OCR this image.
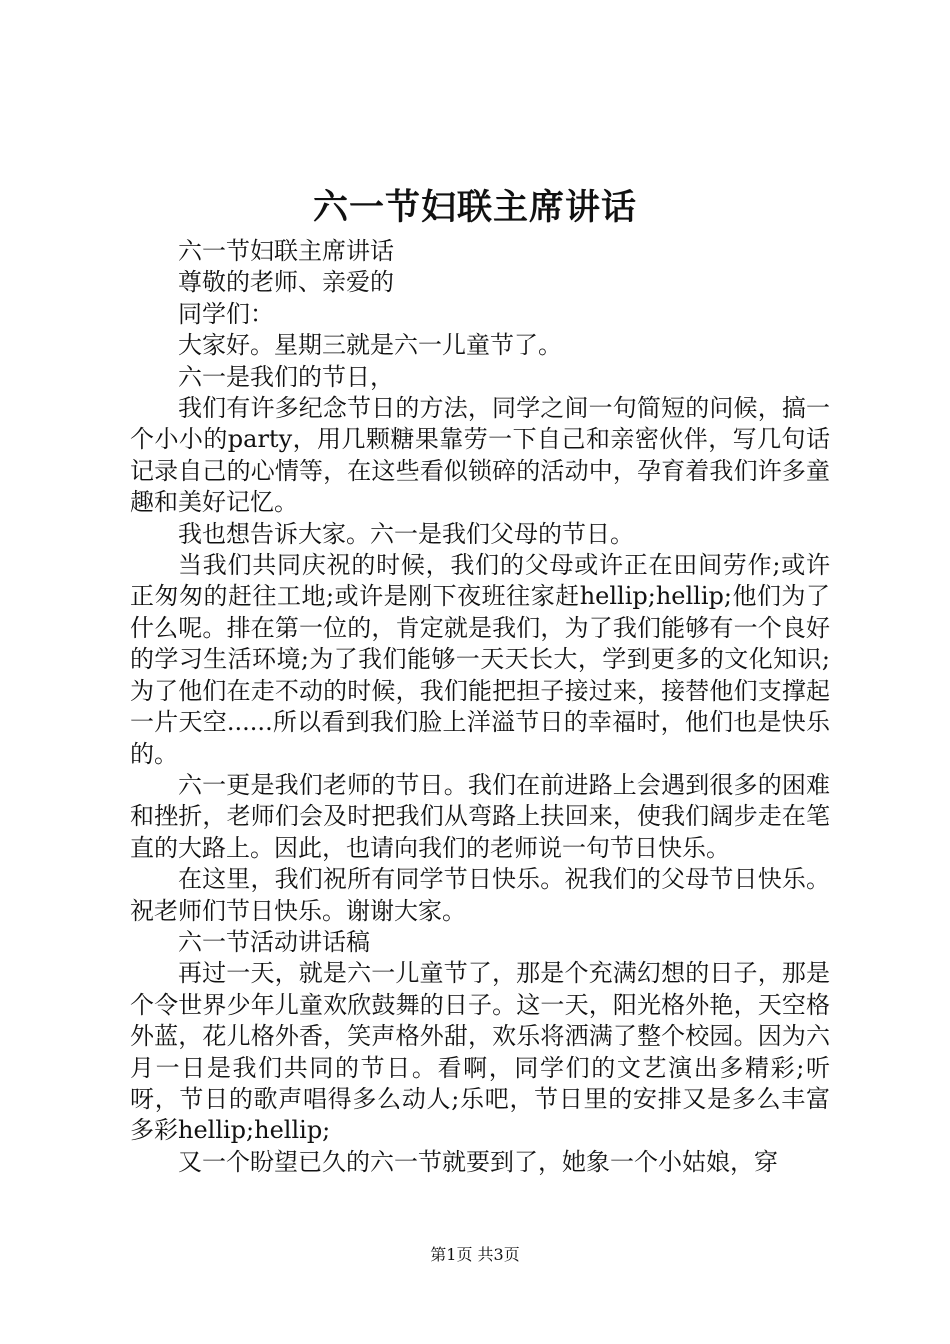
六一节妇联主席讲话

六一节妇联主席讲话

尊敬的老师、亲爱的

同学们：

大家好。星期三就是六一儿童节了。

六一是我们的节日，

我们有许多纪念节日的方法，同学之间一句简短的问候，搞一个小小的party，用几颗糖果靠劳一下自己和亲密伙伴，写几句话记录自己的心情等，在这些看似锁碎的活动中，孕育着我们许多童趣和美好记忆。

我也想告诉大家。六一是我们父母的节日。

当我们共同庆祝的时候，我们的父母或许正在田间劳作;或许正匆匆的赶往工地;或许是刚下夜班往家赶hellip;hellip;他们为了什么呢。排在第一位的，肯定就是我们，为了我们能够有一个良好的学习生活环境;为了我们能够一天天长大，学到更多的文化知识;为了他们在走不动的时候，我们能把担子接过来，接替他们支撑起一片天空......所以看到我们脸上洋溢节日的幸福时，他们也是快乐的。

六一更是我们老师的节日。我们在前进路上会遇到很多的困难和挫折，老师们会及时把我们从弯路上扶回来，使我们阔步走在笔直的大路上。因此，也请向我们的老师说一句节日快乐。

在这里，我们祝所有同学节日快乐。祝我们的父母节日快乐。祝老师们节日快乐。谢谢大家。

六一节活动讲话稿

再过一天，就是六一儿童节了，那是个充满幻想的日子，那是个令世界少年儿童欢欣鼓舞的日子。这一天，阳光格外艳，天空格外蓝，花儿格外香，笑声格外甜，欢乐将洒满了整个校园。因为六月一日是我们共同的节日。看啊，同学们的文艺演出多精彩;听呀，节日的歌声唱得多么动人;乐吧，节日里的安排又是多么丰富多彩hellip;hellip;

又一个盼望已久的六一节就要到了，她象一个小姑娘，穿

第1页 共3页
